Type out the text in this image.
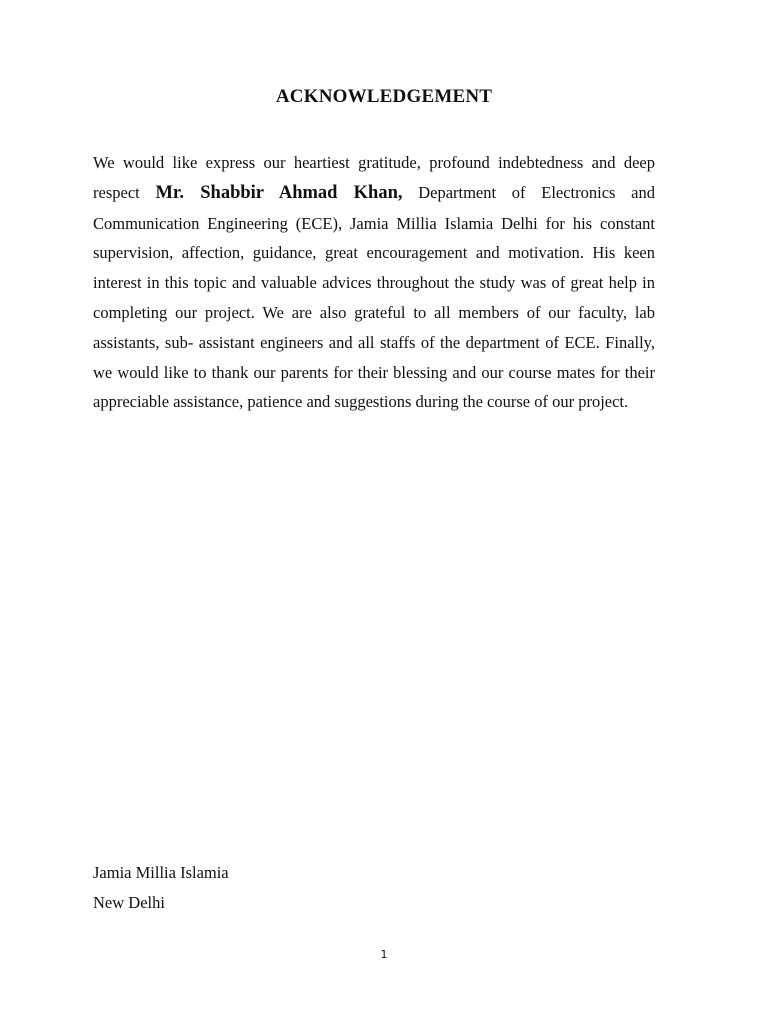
ACKNOWLEDGEMENT

We would like express our heartiest gratitude, profound indebtedness and deep respect Mr. Shabbir Ahmad Khan, Department of Electronics and Communication Engineering (ECE), Jamia Millia Islamia Delhi for his constant supervision, affection, guidance, great encouragement and motivation. His keen interest in this topic and valuable advices throughout the study was of great help in completing our project. We are also grateful to all members of our faculty, lab assistants, sub- assistant engineers and all staffs of the department of ECE. Finally, we would like to thank our parents for their blessing and our course mates for their appreciable assistance, patience and suggestions during the course of our project.

Jamia Millia Islamia

New Delhi

1
